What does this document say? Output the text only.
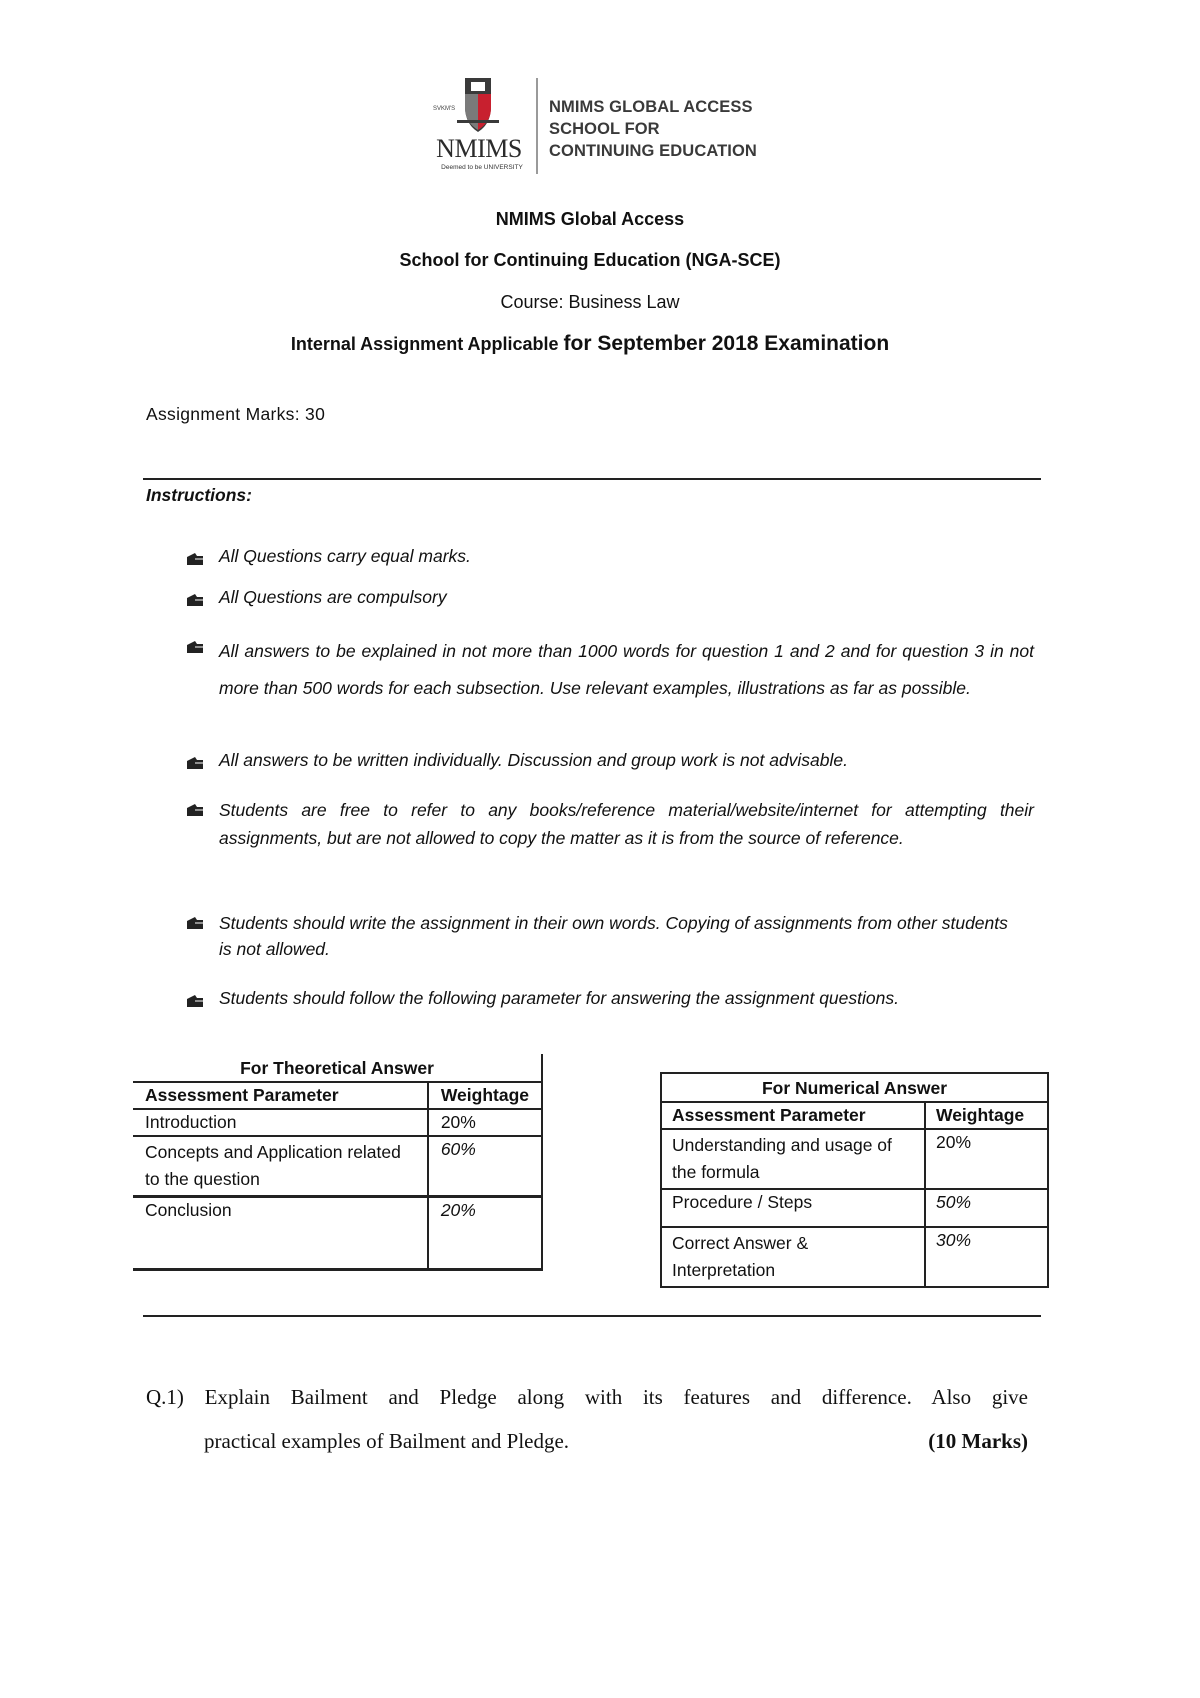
SVKM'S
NMIMS
Deemed to be UNIVERSITY
NMIMS GLOBAL ACCESS
SCHOOL FOR
CONTINUING EDUCATION
NMIMS Global Access
School for Continuing Education (NGA-SCE)
Course: Business Law
Internal Assignment Applicable for September 2018 Examination
Assignment Marks: 30
Instructions:
All Questions carry equal marks.
All Questions are compulsory
All answers to be explained in not more than 1000 words for question 1 and 2 and for question 3 in not more than 500 words for each subsection. Use relevant examples, illustrations as far as possible.
All answers to be written individually. Discussion and group work is not advisable.
Students are free to refer to any books/reference material/website/internet for attempting their assignments, but are not allowed to copy the matter as it is from the source of reference.
Students should write the assignment in their own words. Copying of assignments from other students is not allowed.
Students should follow the following parameter for answering the assignment questions.
For Theoretical Answer	
Assessment Parameter	Weightage
Introduction	20%
Concepts and Application related to the question	60%
Conclusion	20%
For Numerical Answer	
Assessment Parameter	Weightage
Understanding and usage of the formula	20%
Procedure / Steps	50%
Correct Answer & Interpretation	30%
Q.1) Explain Bailment and Pledge along with its features and difference. Also give
practical examples of Bailment and Pledge.	(10 Marks)
